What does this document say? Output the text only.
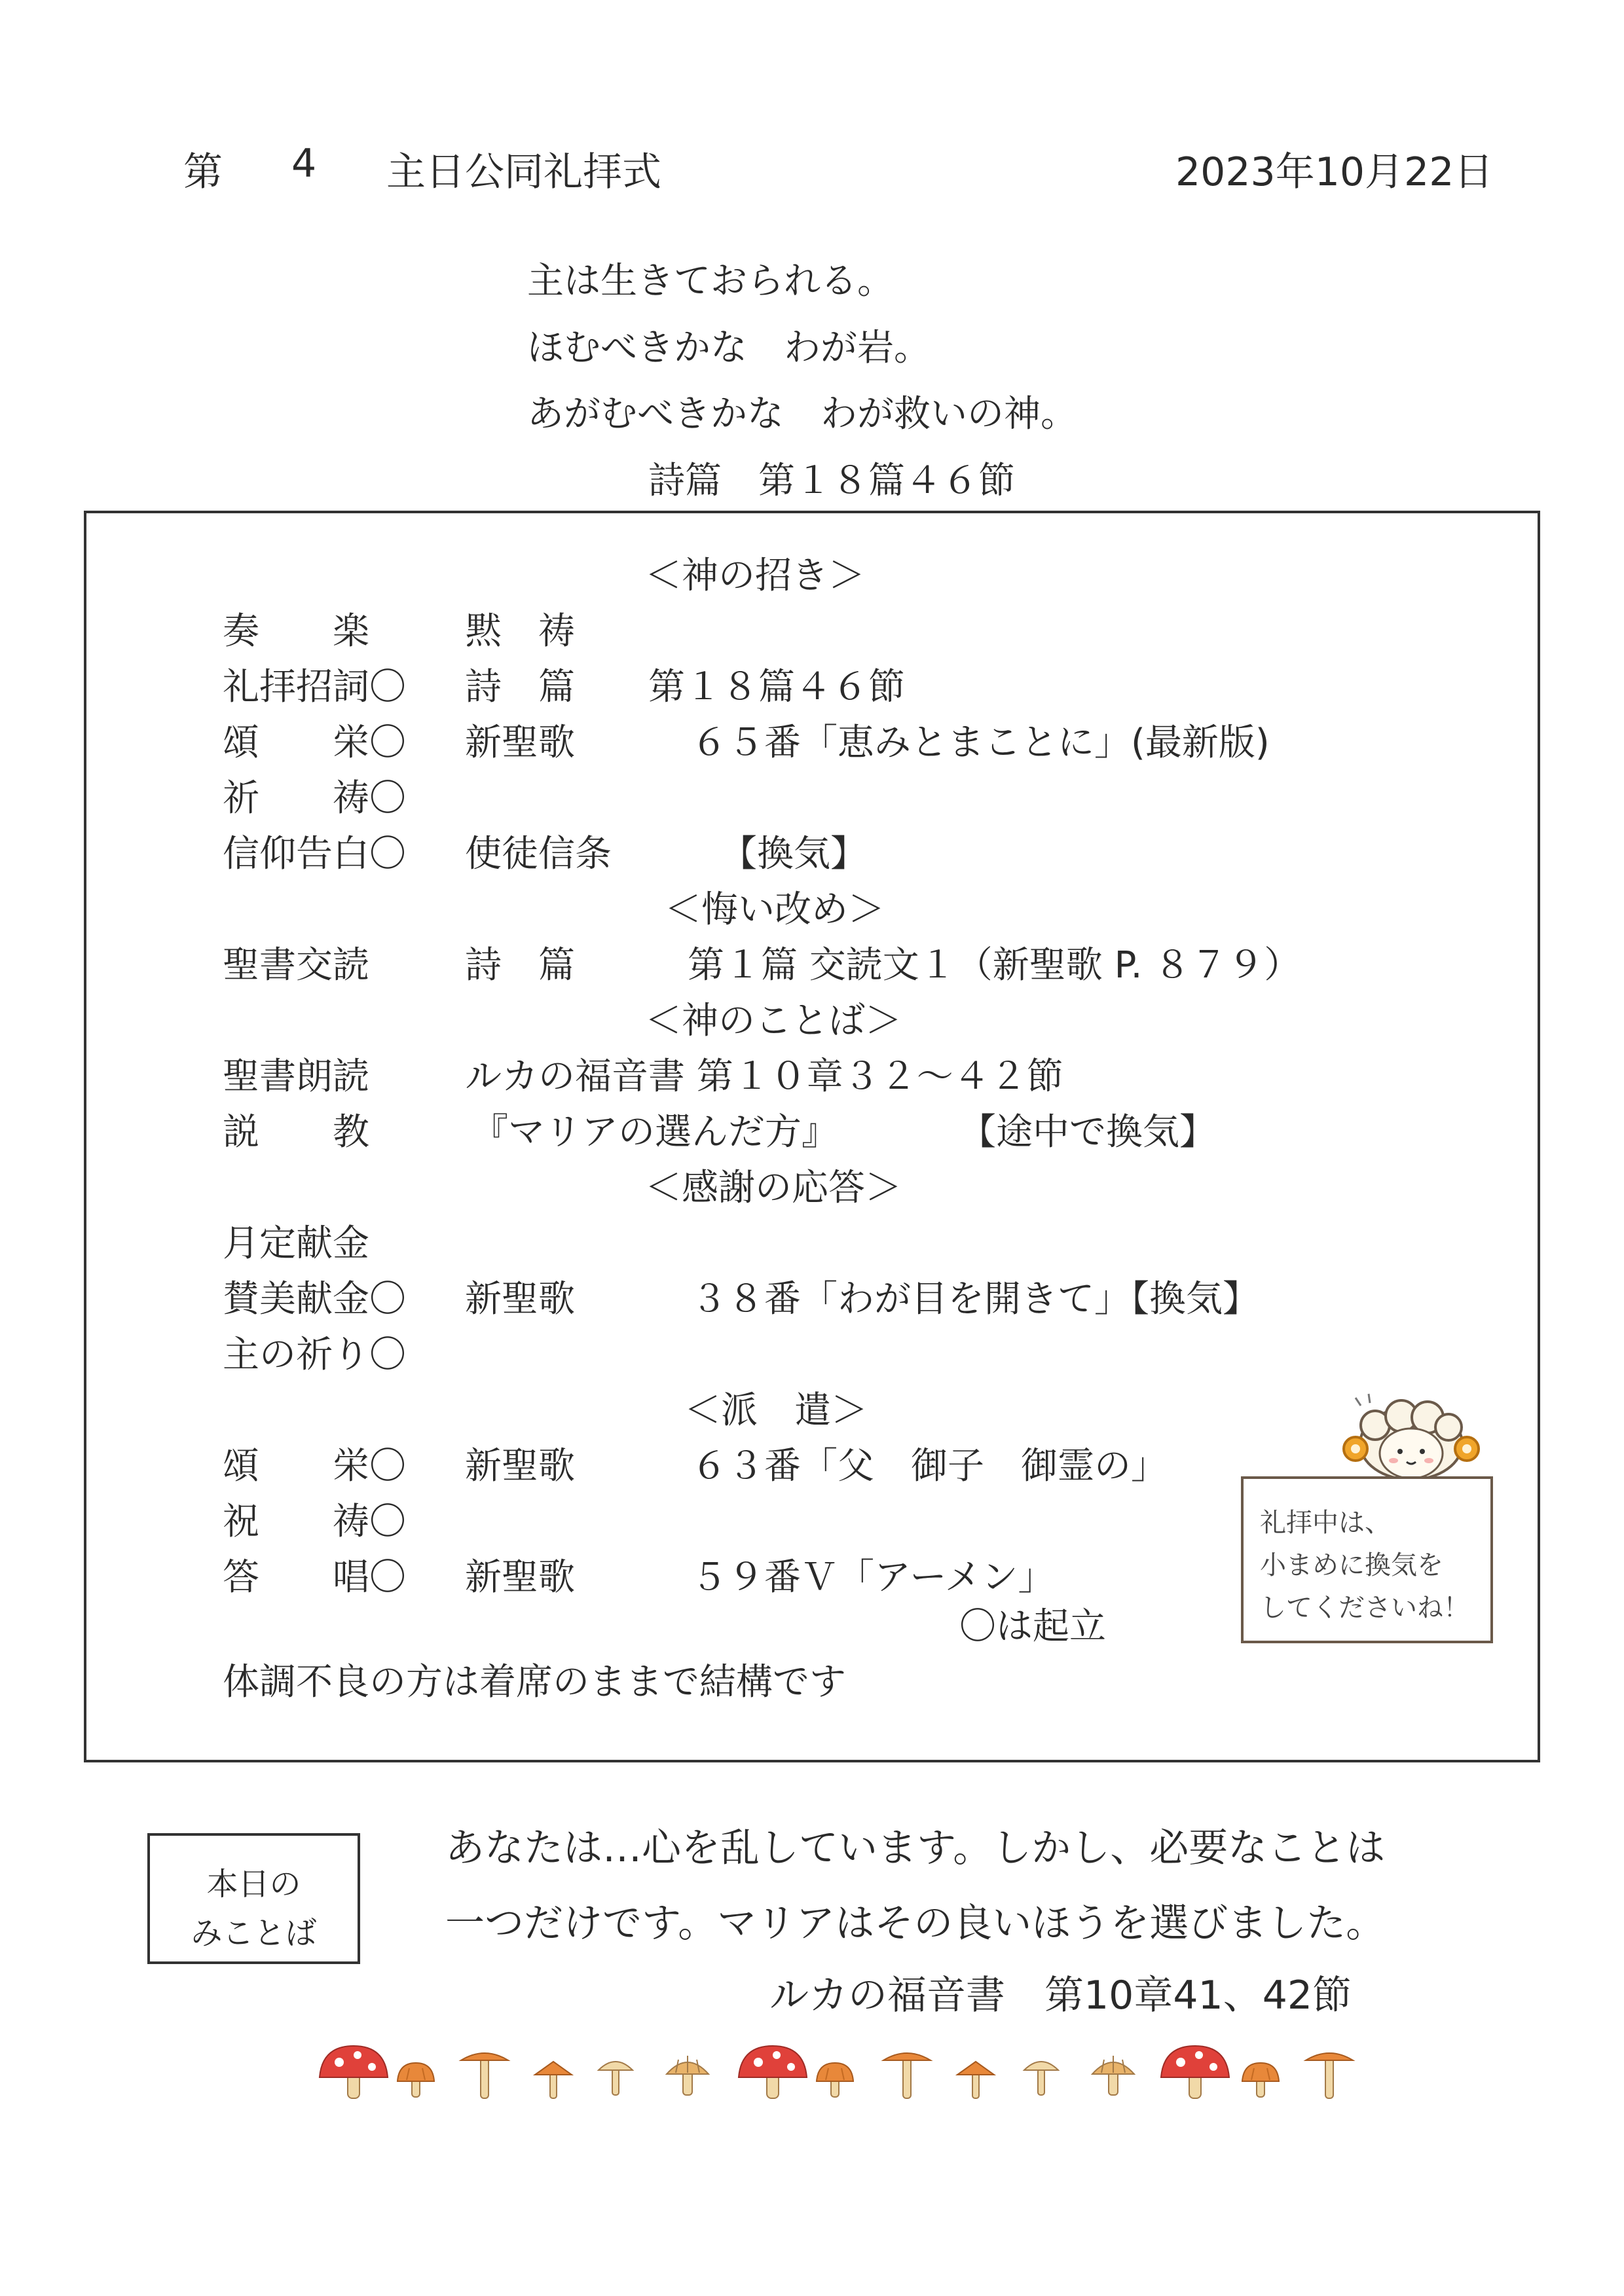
第 4 主日公同礼拝式	2023年10月22日
主は生きておられる。
ほむべきかな　わが岩。
あがむべきかな　わが救いの神。
詩篇　第１８篇４６節
＜神の招き＞
奏　　楽	黙　祷
礼拝招詞〇 詩　篇 第１８篇４６節
頌　　栄〇 新聖歌	６５番「恵みとまことに」(最新版)
祈　　祷〇
信仰告白〇 使徒信条	【換気】
＜悔い改め＞
聖書交読	詩　篇	第１篇 交読文１（新聖歌 P. ８７９）
＜神のことば＞
聖書朗読	ルカの福音書 第１０章３２～４２節
説　　教	『マリアの選んだ方』	【途中で換気】
＜感謝の応答＞
月定献金
賛美献金〇 新聖歌	３８番「わが目を開きて」【換気】
主の祈り〇
＜派　遣＞
頌　　栄〇 新聖歌	６３番「父　御子　御霊の」
祝　　祷〇
答　　唱〇 新聖歌	５９番Ｖ「アーメン」
〇は起立
体調不良の方は着席のままで結構です
礼拝中は、
小まめに換気を
してくださいね！
本日の
みことば
あなたは…心を乱しています。しかし、必要なことは
一つだけです。マリアはその良いほうを選びました。
ルカの福音書　第10章41、42節
